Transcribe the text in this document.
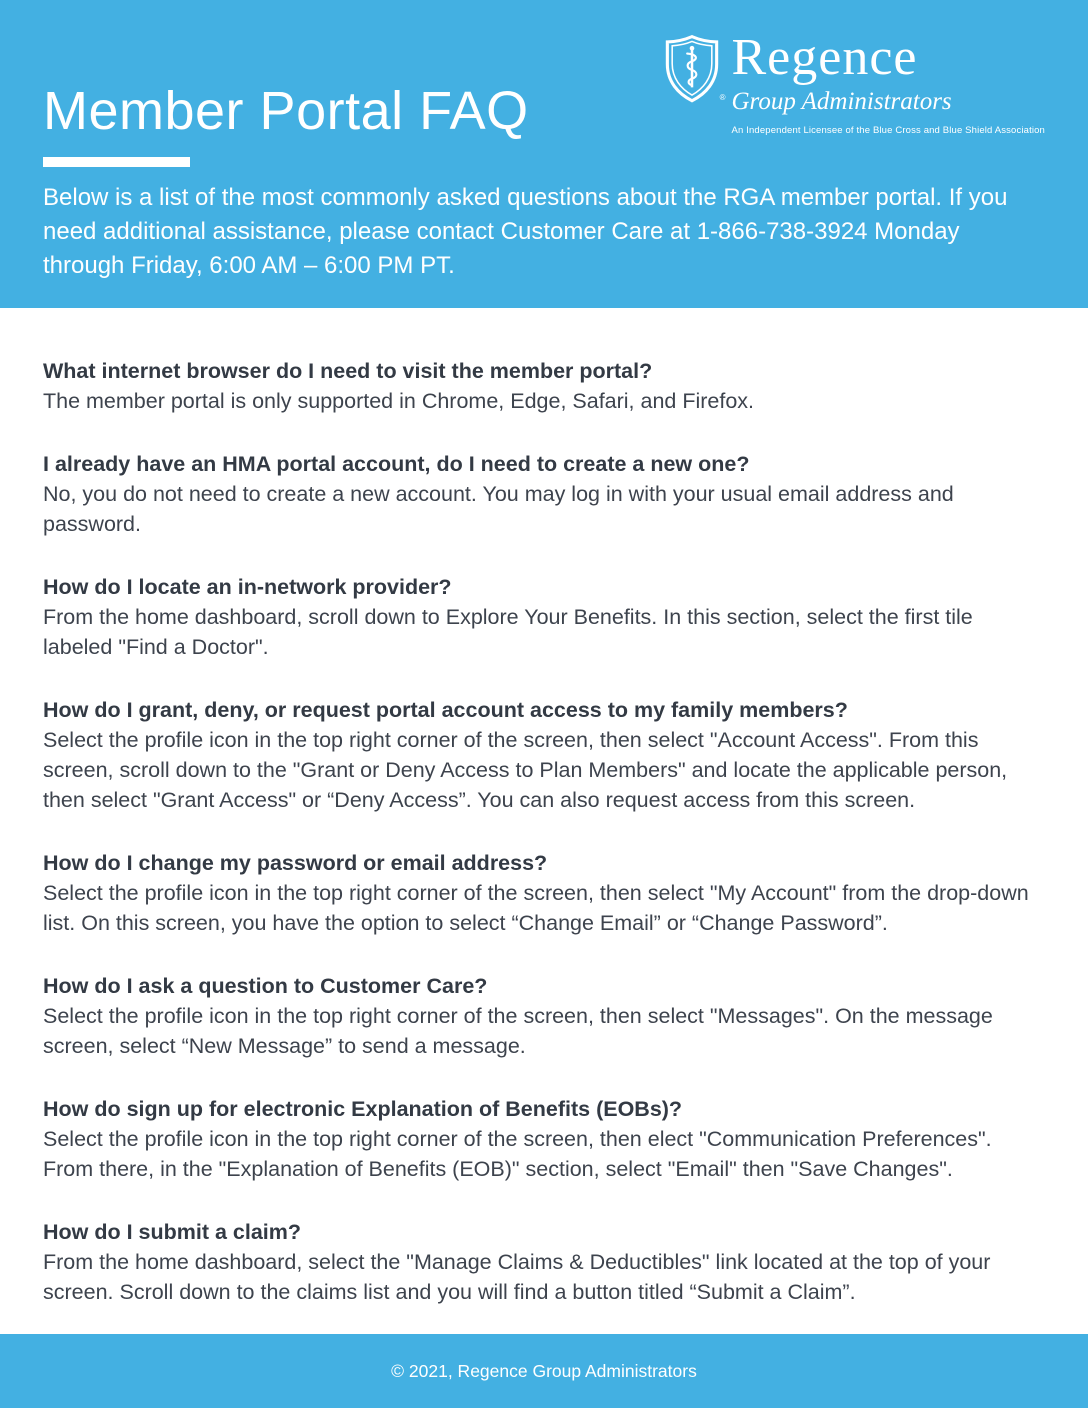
®
Regence
Group Administrators
An Independent Licensee of the Blue Cross and Blue Shield Association
Member Portal FAQ

Below is a list of the most commonly asked questions about the RGA member portal. If you need additional assistance, please contact Customer Care at 1-866-738-3924 Monday through Friday, 6:00 AM – 6:00 PM PT.

What internet browser do I need to visit the member portal?

The member portal is only supported in Chrome, Edge, Safari, and Firefox.

I already have an HMA portal account, do I need to create a new one?

No, you do not need to create a new account. You may log in with your usual email address and password.

How do I locate an in-network provider?

From the home dashboard, scroll down to Explore Your Benefits. In this section, select the first tile labeled "Find a Doctor".

How do I grant, deny, or request portal account access to my family members?

Select the profile icon in the top right corner of the screen, then select "Account Access". From this screen, scroll down to the "Grant or Deny Access to Plan Members" and locate the applicable person, then select "Grant Access" or “Deny Access”. You can also request access from this screen.

How do I change my password or email address?

Select the profile icon in the top right corner of the screen, then select "My Account" from the drop-down list. On this screen, you have the option to select “Change Email” or “Change Password”.

How do I ask a question to Customer Care?

Select the profile icon in the top right corner of the screen, then select "Messages". On the message screen, select “New Message” to send a message.

How do sign up for electronic Explanation of Benefits (EOBs)?

Select the profile icon in the top right corner of the screen, then elect "Communication Preferences". From there, in the "Explanation of Benefits (EOB)" section, select "Email" then "Save Changes".

How do I submit a claim?

From the home dashboard, select the "Manage Claims & Deductibles" link located at the top of your screen. Scroll down to the claims list and you will find a button titled “Submit a Claim”.

© 2021, Regence Group Administrators
